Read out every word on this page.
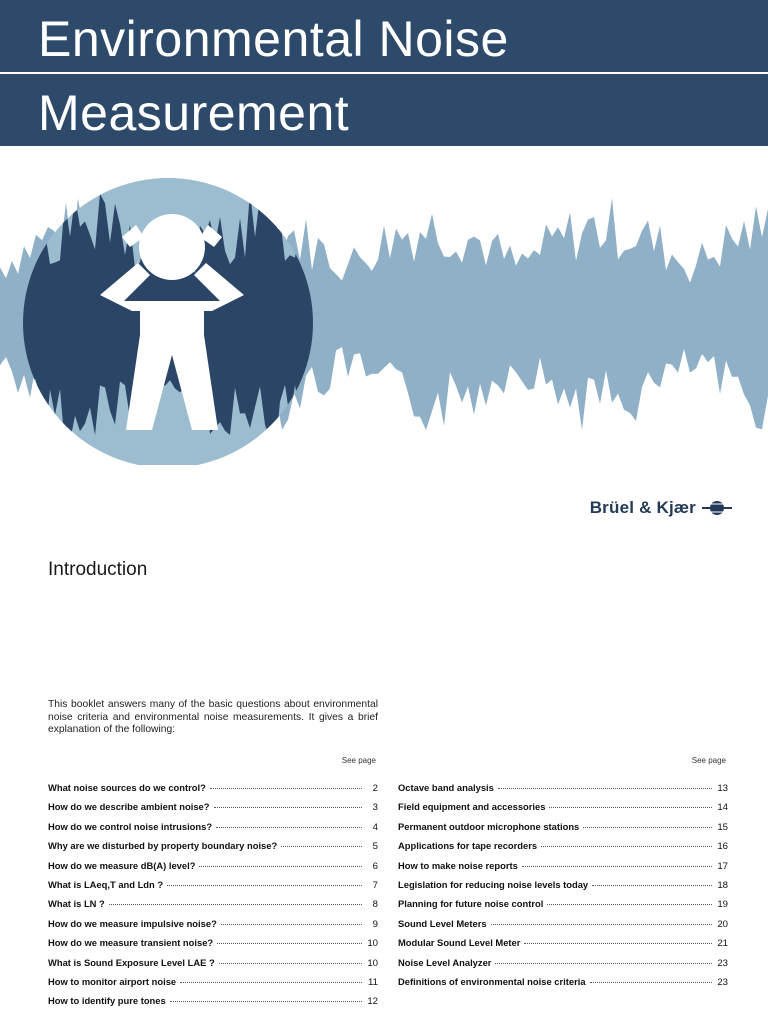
Environmental Noise
Measurement
Brüel & Kjær
Introduction
This booklet answers many of the basic questions about environmental noise criteria and environmental noise measurements. It gives a brief explanation of the following:
See page
What noise sources do we control?	2
How do we describe ambient noise?	3
How do we control noise intrusions?	4
Why are we disturbed by property boundary noise?	5
How do we measure dB(A) level?	6
What is LAeq,T and Ldn ?	7
What is LN ?	8
How do we measure impulsive noise?	9
How do we measure transient noise?	10
What is Sound Exposure Level LAE ?	10
How to monitor airport noise	11
How to identify pure tones	12
See page
Octave band analysis	13
Field equipment and accessories	14
Permanent outdoor microphone stations	15
Applications for tape recorders	16
How to make noise reports	17
Legislation for reducing noise levels today	18
Planning for future noise control	19
Sound Level Meters	20
Modular Sound Level Meter	21
Noise Level Analyzer	23
Definitions of environmental noise criteria	23
